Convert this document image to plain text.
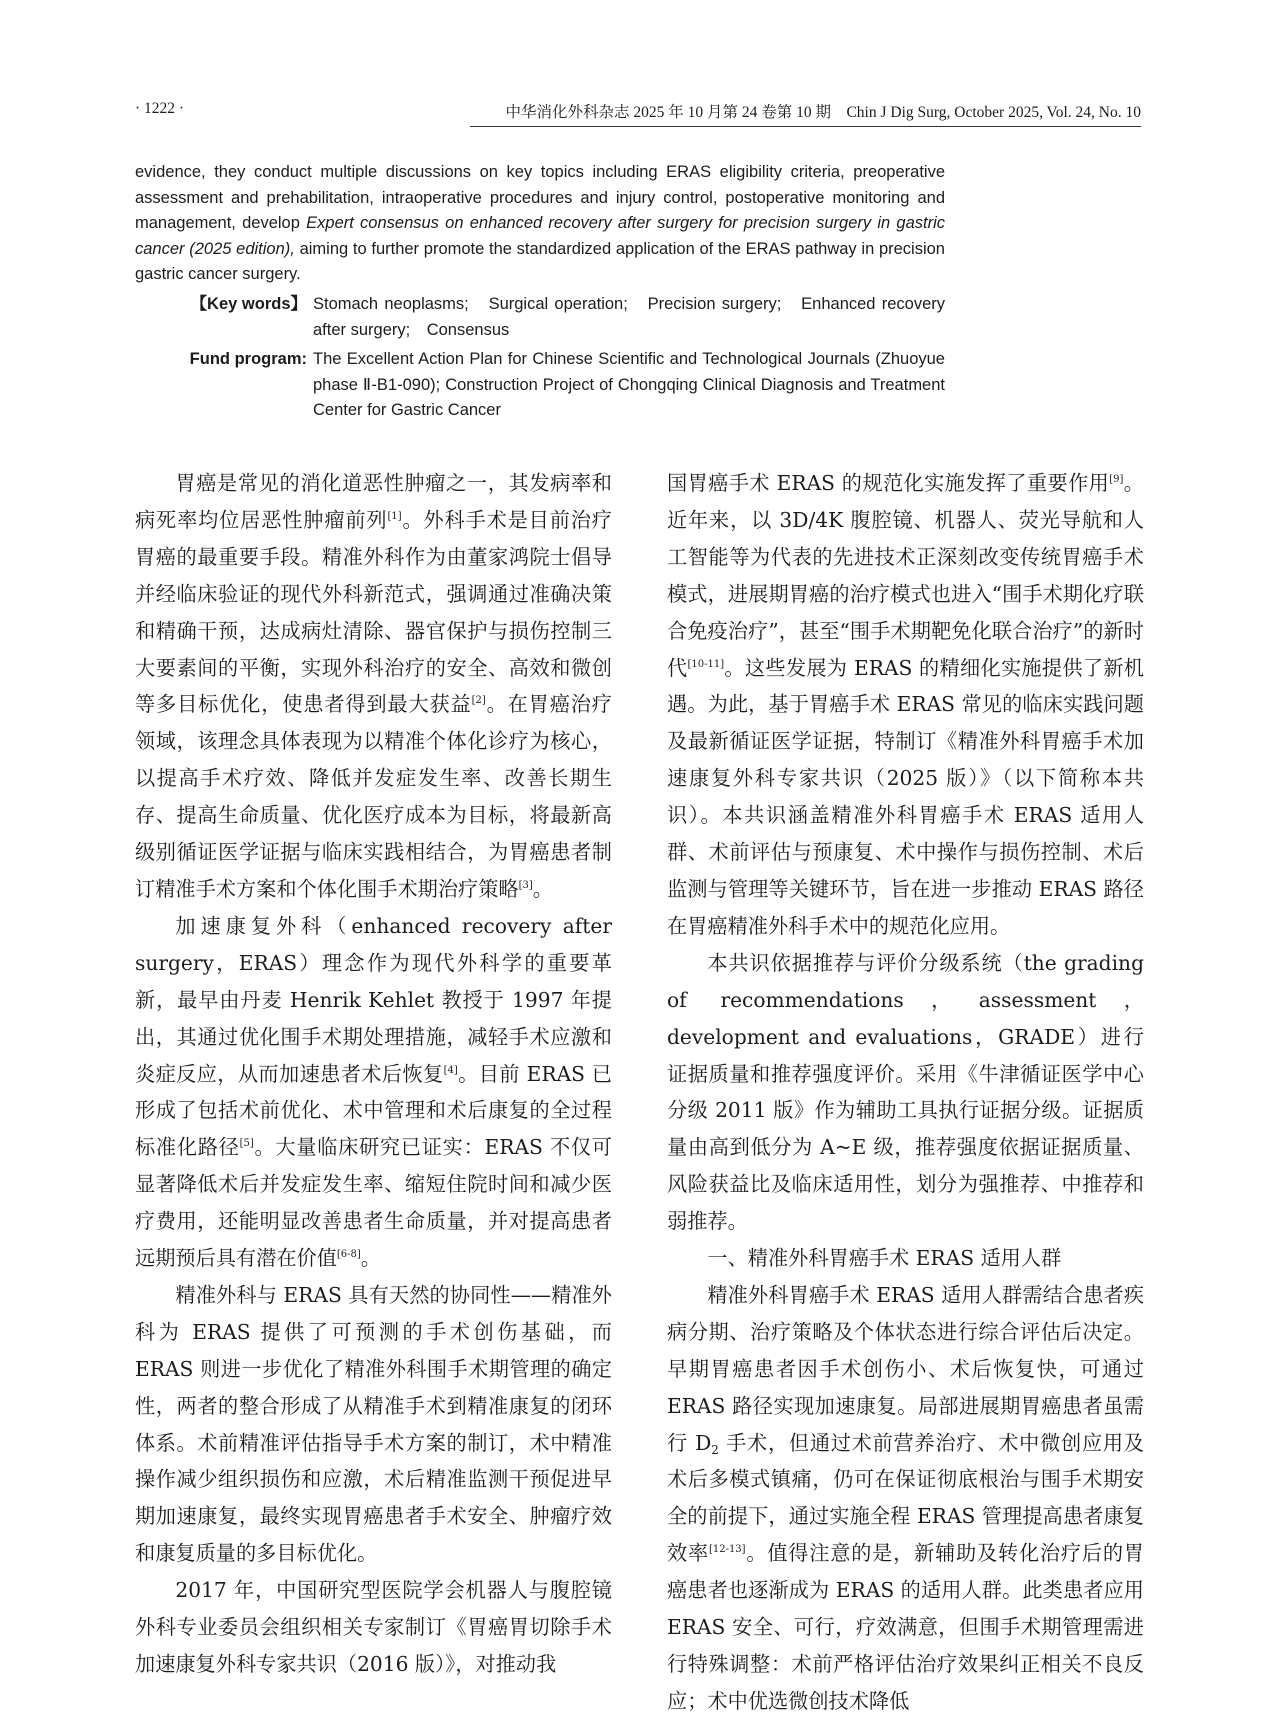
· 1222 ·	中华消化外科杂志 2025 年 10 月第 24 卷第 10 期　Chin J Dig Surg, October 2025, Vol. 24, No. 10

evidence, they conduct multiple discussions on key topics including ERAS eligibility criteria, preoperative assessment and prehabilitation, intraoperative procedures and injury control, postoperative monitoring and management, develop Expert consensus on enhanced recovery after surgery for precision surgery in gastric cancer (2025 edition), aiming to further promote the standardized application of the ERAS pathway in precision gastric cancer surgery.

【Key words】 Stomach neoplasms;　Surgical operation;　Precision surgery;　Enhanced recovery after surgery;　Consensus
Fund program: The Excellent Action Plan for Chinese Scientific and Technological Journals (Zhuoyue phase Ⅱ-B1-090); Construction Project of Chongqing Clinical Diagnosis and Treatment Center for Gastric Cancer

胃癌是常见的消化道恶性肿瘤之一，其发病率和病死率均位居恶性肿瘤前列[1]。外科手术是目前治疗胃癌的最重要手段。精准外科作为由董家鸿院士倡导并经临床验证的现代外科新范式，强调通过准确决策和精确干预，达成病灶清除、器官保护与损伤控制三大要素间的平衡，实现外科治疗的安全、高效和微创等多目标优化，使患者得到最大获益[2]。在胃癌治疗领域，该理念具体表现为以精准个体化诊疗为核心，以提高手术疗效、降低并发症发生率、改善长期生存、提高生命质量、优化医疗成本为目标，将最新高级别循证医学证据与临床实践相结合，为胃癌患者制订精准手术方案和个体化围手术期治疗策略[3]。

加速康复外科（enhanced recovery after surgery，ERAS）理念作为现代外科学的重要革新，最早由丹麦 Henrik Kehlet 教授于 1997 年提出，其通过优化围手术期处理措施，减轻手术应激和炎症反应，从而加速患者术后恢复[4]。目前 ERAS 已形成了包括术前优化、术中管理和术后康复的全过程标准化路径[5]。大量临床研究已证实：ERAS 不仅可显著降低术后并发症发生率、缩短住院时间和减少医疗费用，还能明显改善患者生命质量，并对提高患者远期预后具有潜在价值[6-8]。

精准外科与 ERAS 具有天然的协同性——精准外科为 ERAS 提供了可预测的手术创伤基础，而 ERAS 则进一步优化了精准外科围手术期管理的确定性，两者的整合形成了从精准手术到精准康复的闭环体系。术前精准评估指导手术方案的制订，术中精准操作减少组织损伤和应激，术后精准监测干预促进早期加速康复，最终实现胃癌患者手术安全、肿瘤疗效和康复质量的多目标优化。

2017 年，中国研究型医院学会机器人与腹腔镜外科专业委员会组织相关专家制订《胃癌胃切除手术加速康复外科专家共识（2016 版）》，对推动我

国胃癌手术 ERAS 的规范化实施发挥了重要作用[9]。近年来，以 3D/4K 腹腔镜、机器人、荧光导航和人工智能等为代表的先进技术正深刻改变传统胃癌手术模式，进展期胃癌的治疗模式也进入“围手术期化疗联合免疫治疗”，甚至“围手术期靶免化联合治疗”的新时代[10-11]。这些发展为 ERAS 的精细化实施提供了新机遇。为此，基于胃癌手术 ERAS 常见的临床实践问题及最新循证医学证据，特制订《精准外科胃癌手术加速康复外科专家共识（2025 版）》（以下简称本共识）。本共识涵盖精准外科胃癌手术 ERAS 适用人群、术前评估与预康复、术中操作与损伤控制、术后监测与管理等关键环节，旨在进一步推动 ERAS 路径在胃癌精准外科手术中的规范化应用。

本共识依据推荐与评价分级系统（the grading of recommendations，assessment，development and evaluations，GRADE）进行证据质量和推荐强度评价。采用《牛津循证医学中心分级 2011 版》作为辅助工具执行证据分级。证据质量由高到低分为 A~E 级，推荐强度依据证据质量、风险获益比及临床适用性，划分为强推荐、中推荐和弱推荐。

一、精准外科胃癌手术 ERAS 适用人群

精准外科胃癌手术 ERAS 适用人群需结合患者疾病分期、治疗策略及个体状态进行综合评估后决定。早期胃癌患者因手术创伤小、术后恢复快，可通过 ERAS 路径实现加速康复。局部进展期胃癌患者虽需行 $D_2$ 手术，但通过术前营养治疗、术中微创应用及术后多模式镇痛，仍可在保证彻底根治与围手术期安全的前提下，通过实施全程 ERAS 管理提高患者康复效率[12-13]。值得注意的是，新辅助及转化治疗后的胃癌患者也逐渐成为 ERAS 的适用人群。此类患者应用 ERAS 安全、可行，疗效满意，但围手术期管理需进行特殊调整：术前严格评估治疗效果纠正相关不良反应；术中优选微创技术降低
